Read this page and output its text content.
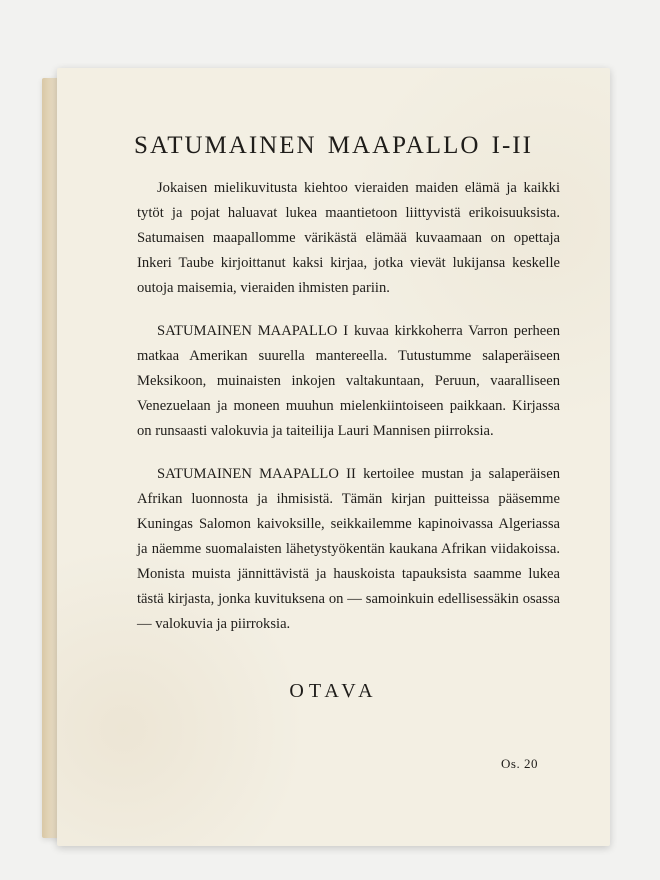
SATUMAINEN MAAPALLO I-II

Jokaisen mielikuvitusta kiehtoo vieraiden maiden elämä ja kaikki tytöt ja pojat haluavat lukea maantietoon liittyvistä erikoisuuksista. Satumaisen maapallomme värikästä elämää kuvaamaan on opettaja Inkeri Taube kirjoittanut kaksi kirjaa, jotka vievät lukijansa keskelle outoja maisemia, vieraiden ihmisten pariin.

SATUMAINEN MAAPALLO I kuvaa kirkkoherra Varron perheen matkaa Amerikan suurella mantereella. Tutustumme salaperäiseen Meksikoon, muinaisten inkojen valtakuntaan, Peruun, vaaralliseen Venezuelaan ja moneen muuhun mielenkiintoiseen paikkaan. Kirjassa on runsaasti valokuvia ja taiteilija Lauri Mannisen piirroksia.

SATUMAINEN MAAPALLO II kertoilee mustan ja salaperäisen Afrikan luonnosta ja ihmisistä. Tämän kirjan puitteissa pääsemme Kuningas Salomon kaivoksille, seikkailemme kapinoivassa Algeriassa ja näemme suomalaisten lähetystyökentän kaukana Afrikan viidakoissa. Monista muista jännittävistä ja hauskoista tapauksista saamme lukea tästä kirjasta, jonka kuvituksena on — samoinkuin edellisessäkin osassa — valokuvia ja piirroksia.

OTAVA

Os. 20
